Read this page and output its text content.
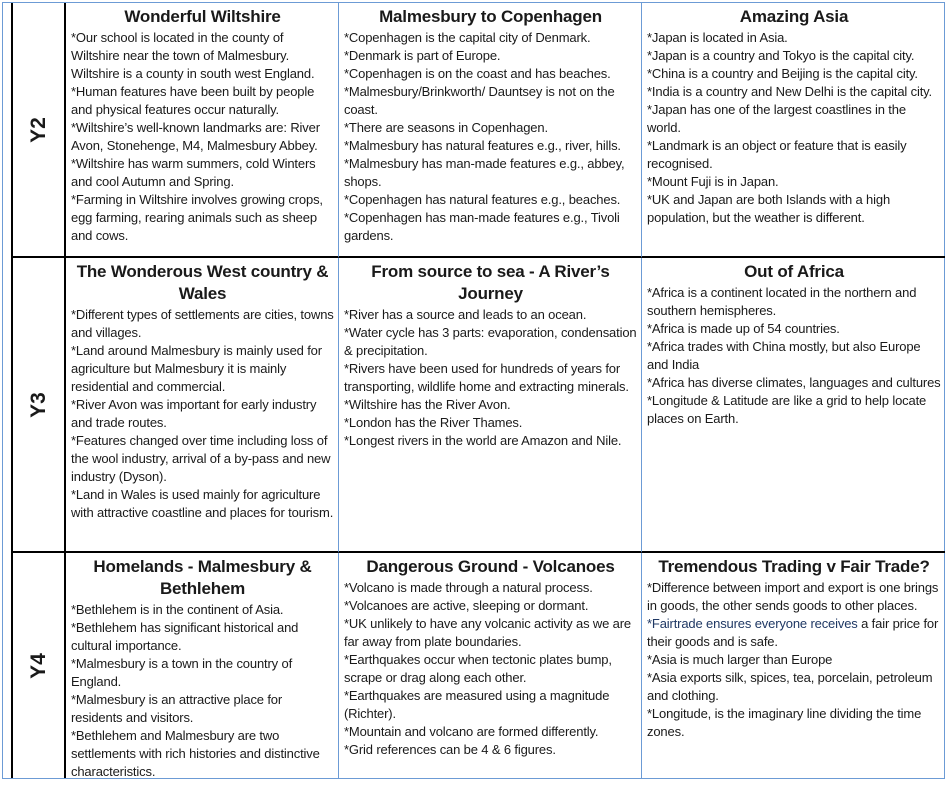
Y2
Wonderful Wiltshire
*Our school is located in the county of Wiltshire near the town of Malmesbury. Wiltshire is a county in south west England.
*Human features have been built by people and physical features occur naturally.
*Wiltshire’s well-known landmarks are: River Avon, Stonehenge, M4, Malmesbury Abbey.
*Wiltshire has warm summers, cold Winters and cool Autumn and Spring.
*Farming in Wiltshire involves growing crops, egg farming, rearing animals such as sheep and cows.
Malmesbury to Copenhagen
*Copenhagen is the capital city of Denmark.
*Denmark is part of Europe.
*Copenhagen is on the coast and has beaches.
*Malmesbury/Brinkworth/ Dauntsey is not on the coast.
*There are seasons in Copenhagen.
*Malmesbury has natural features e.g., river, hills.
*Malmesbury has man-made features e.g., abbey, shops.
*Copenhagen has natural features e.g., beaches.
*Copenhagen has man-made features e.g., Tivoli gardens.
Amazing Asia
*Japan is located in Asia.
*Japan is a country and Tokyo is the capital city.
*China is a country and Beijing is the capital city.
*India is a country and New Delhi is the capital city.
*Japan has one of the largest coastlines in the world.
*Landmark is an object or feature that is easily recognised.
*Mount Fuji is in Japan.
*UK and Japan are both Islands with a high population, but the weather is different.
Y3
The Wonderous West country & Wales
*Different types of settlements are cities, towns and villages.
*Land around Malmesbury is mainly used for agriculture but Malmesbury it is mainly residential and commercial.
*River Avon was important for early industry and trade routes.
*Features changed over time including loss of the wool industry, arrival of a by-pass and new industry (Dyson).
*Land in Wales is used mainly for agriculture with attractive coastline and places for tourism.
From source to sea - A River’s Journey
*River has a source and leads to an ocean.
*Water cycle has 3 parts: evaporation, condensation & precipitation.
*Rivers have been used for hundreds of years for transporting, wildlife home and extracting minerals.
*Wiltshire has the River Avon.
*London has the River Thames.
*Longest rivers in the world are Amazon and Nile.
Out of Africa
*Africa is a continent located in the northern and southern hemispheres.
*Africa is made up of 54 countries.
*Africa trades with China mostly, but also Europe and India
*Africa has diverse climates, languages and cultures
*Longitude & Latitude are like a grid to help locate places on Earth.
Y4
Homelands - Malmesbury & Bethlehem
*Bethlehem is in the continent of Asia.
*Bethlehem has significant historical and cultural importance.
*Malmesbury is a town in the country of England.
*Malmesbury is an attractive place for residents and visitors.
*Bethlehem and Malmesbury are two settlements with rich histories and distinctive characteristics.
Dangerous Ground - Volcanoes
*Volcano is made through a natural process.
*Volcanoes are active, sleeping or dormant.
*UK unlikely to have any volcanic activity as we are far away from plate boundaries.
*Earthquakes occur when tectonic plates bump, scrape or drag along each other.
*Earthquakes are measured using a magnitude (Richter).
*Mountain and volcano are formed differently.
*Grid references can be 4 & 6 figures.
Tremendous Trading v Fair Trade?
*Difference between import and export is one brings in goods, the other sends goods to other places.
*Fairtrade ensures everyone receives a fair price for their goods and is safe.
*Asia is much larger than Europe
*Asia exports silk, spices, tea, porcelain, petroleum and clothing.
*Longitude, is the imaginary line dividing the time zones.
